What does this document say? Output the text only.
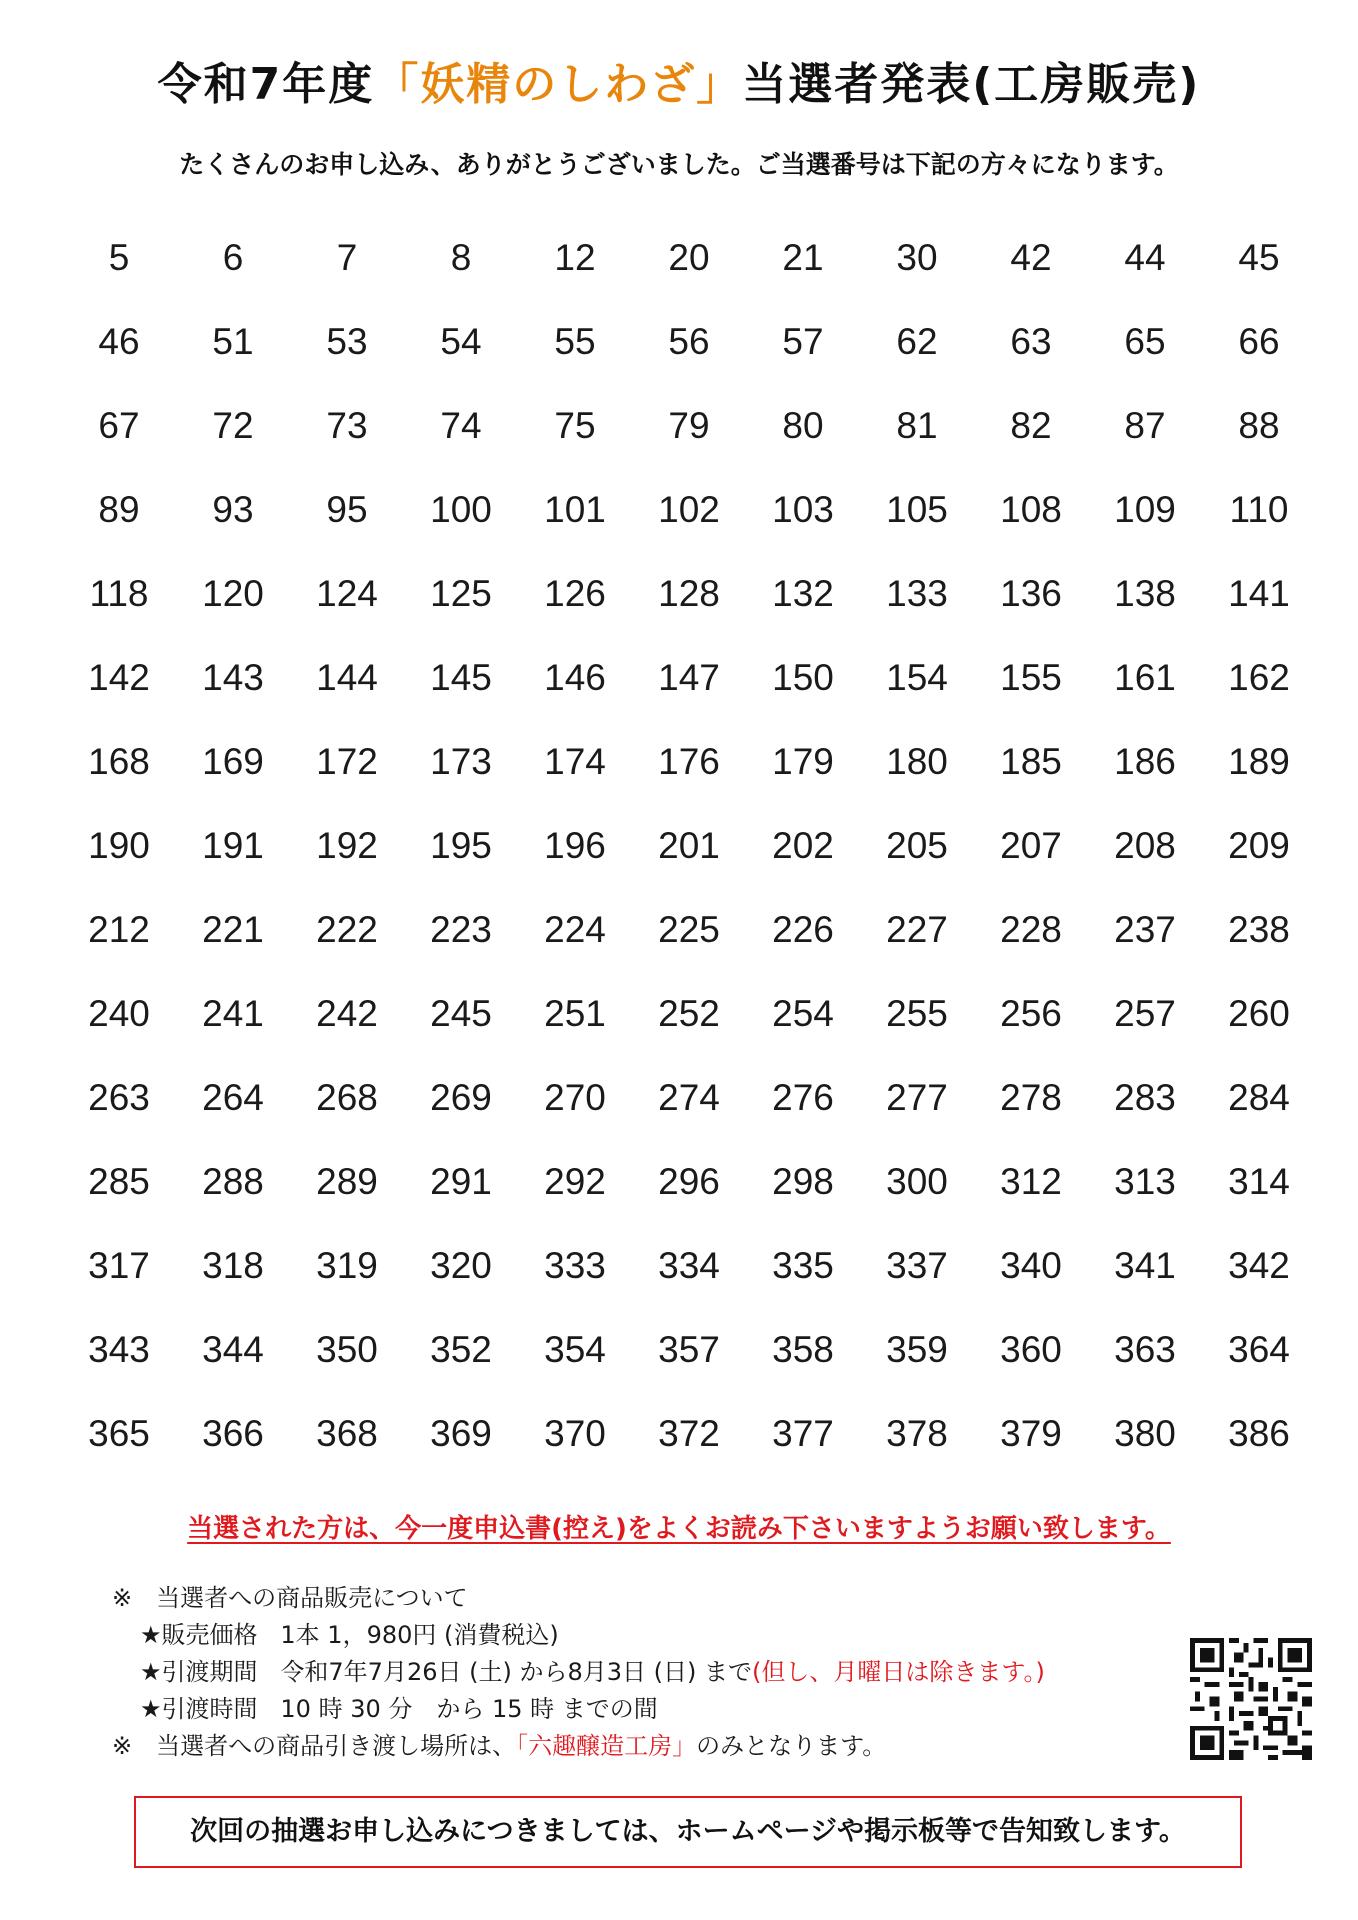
令和7年度「妖精のしわざ」当選者発表(工房販売)
たくさんのお申し込み、ありがとうございました。ご当選番号は下記の方々になります。
5	6	7	8	12	20	21	30	42	44	45
46	51	53	54	55	56	57	62	63	65	66
67	72	73	74	75	79	80	81	82	87	88
89	93	95	100	101	102	103	105	108	109	110
118	120	124	125	126	128	132	133	136	138	141
142	143	144	145	146	147	150	154	155	161	162
168	169	172	173	174	176	179	180	185	186	189
190	191	192	195	196	201	202	205	207	208	209
212	221	222	223	224	225	226	227	228	237	238
240	241	242	245	251	252	254	255	256	257	260
263	264	268	269	270	274	276	277	278	283	284
285	288	289	291	292	296	298	300	312	313	314
317	318	319	320	333	334	335	337	340	341	342
343	344	350	352	354	357	358	359	360	363	364
365	366	368	369	370	372	377	378	379	380	386
当選された方は、今一度申込書(控え)をよくお読み下さいますようお願い致します。
※　当選者への商品販売について
★販売価格 1本 1，980円 (消費税込)
★引渡期間 令和7年7月26日 (土) から8月3日 (日) まで(但し、月曜日は除きます。)
★引渡時間 10 時 30 分　から 15 時 までの間
※　当選者への商品引き渡し場所は、「六趣醸造工房」のみとなります。
次回の抽選お申し込みにつきましては、ホームページや掲示板等で告知致します。
